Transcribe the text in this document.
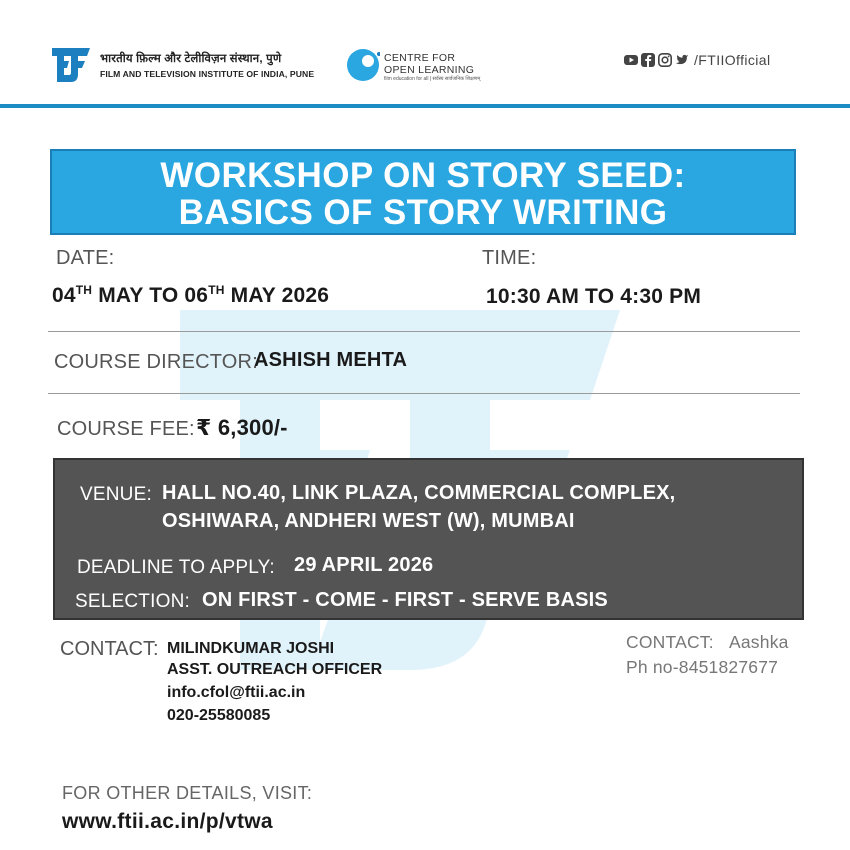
भारतीय फ़िल्म और टेलीविज़न संस्थान, पुणे
FILM AND TELEVISION INSTITUTE OF INDIA, PUNE
CENTRE FOR
OPEN LEARNING
film education for all | सर्वस्य सार्वजनिक शिक्षणम्
/FTIIOfficial
WORKSHOP ON STORY SEED:
BASICS OF STORY WRITING
DATE:
04TH MAY TO 06TH MAY 2026
TIME:
10:30 AM TO 4:30 PM
COURSE DIRECTOR:
ASHISH MEHTA
COURSE FEE: ₹ 6,300/-
VENUE: HALL NO.40, LINK PLAZA, COMMERCIAL COMPLEX,
OSHIWARA, ANDHERI WEST (W), MUMBAI
DEADLINE TO APPLY: 29 APRIL 2026
SELECTION: ON FIRST - COME - FIRST - SERVE BASIS
CONTACT: MILINDKUMAR JOSHI
ASST. OUTREACH OFFICER
info.cfol@ftii.ac.in
020-25580085
CONTACT: Aashka
Ph no-8451827677
FOR OTHER DETAILS, VISIT:
www.ftii.ac.in/p/vtwa
